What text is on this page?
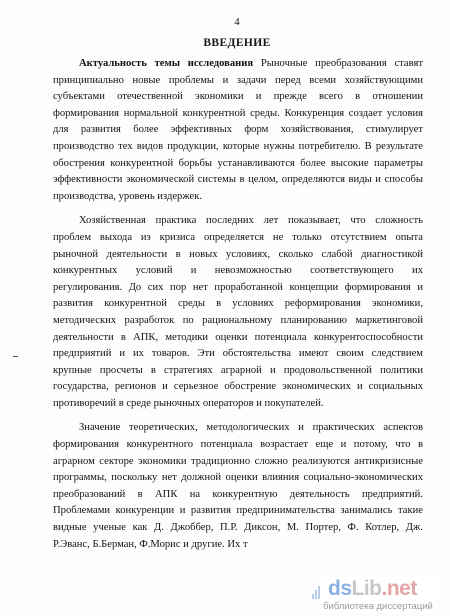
4
ВВЕДЕНИЕ
Актуальность темы исследования Рыночные преобразования ставят
принципиально новые проблемы и задачи перед всеми хозяйствующими
субъектами отечественной экономики и прежде всего в отношении
формирования нормальной конкурентной среды. Конкуренция создает условия
для развития более эффективных форм хозяйствования, стимулирует
производство тех видов продукции, которые нужны потребителю. В результате
обострения конкурентной борьбы устанавливаются более высокие параметры
эффективности экономической системы в целом, определяются виды и способы
производства, уровень издержек.
Хозяйственная практика последних лет показывает, что сложность
проблем выхода из кризиса определяется не только отсутствием опыта
рыночной деятельности в новых условиях, сколько слабой диагностикой
конкурентных условий и невозможностью соответствующего их
регулирования. До сих пор нет проработанной концепции формирования и
развития конкурентной среды в условиях реформирования экономики,
методических разработок по рациональному планированию маркетинговой
деятельности в АПК, методики оценки потенциала конкурентоспособности
предприятий и их товаров. Эти обстоятельства имеют своим следствием
крупные просчеты в стратегиях аграрной и продовольственной политики
государства, регионов и серьезное обострение экономических и социальных
противоречий в среде рыночных операторов и покупателей.
Значение теоретических, методологических и практических аспектов
формирования конкурентного потенциала возрастает еще и потому, что в
аграрном секторе экономики традиционно сложно реализуются антикризисные
программы, поскольку нет должной оценки влияния социально-экономических
преобразований в АПК на конкурентную деятельность предприятий.
Проблемами конкуренции и развития предпринимательства занимались такие
видные ученые как Д. Джоббер, П.Р. Диксон, М. Портер, Ф. Котлер, Дж.
Р.Эванс, Б.Берман, Ф.Морис и другие. Их т
dsLib.net
библиотека диссертаций
